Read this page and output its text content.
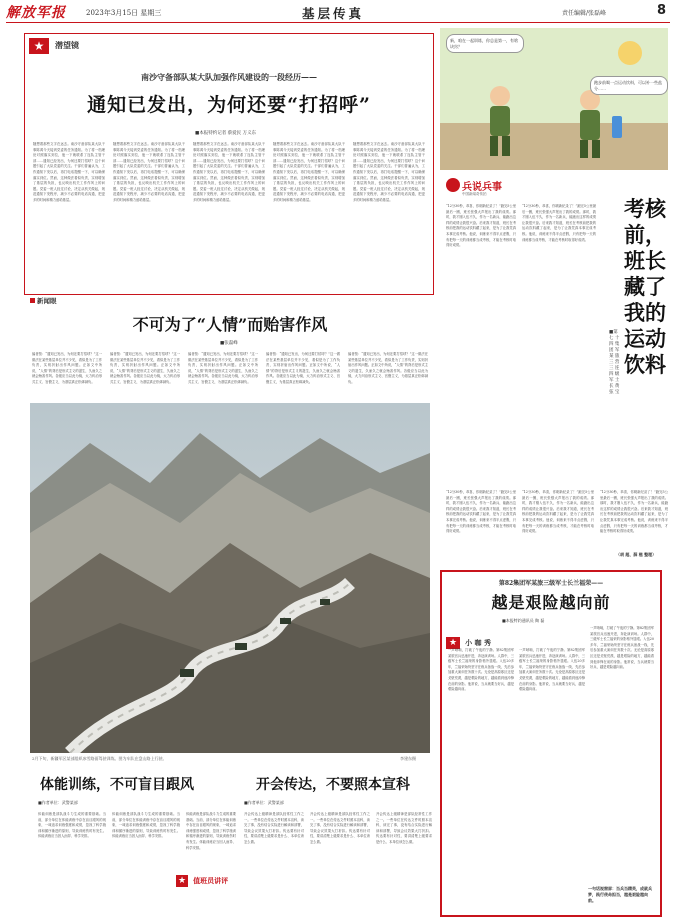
解放军报	2023年3月15日 星期三	基层传真	责任编辑/张磊峰	8
★	潜望镜
南沙守备部队某大队加强作风建设的一段经历——
通知已发出，为何还要“打招呼”
■本报特约记者 蔡爱民 万义东
随想着那些文字在远去。南沙守备部队某大队干事陈鸿今天接到党委的任务通知。为了将一档理论对照落实到位，他一下就联系了连队主管干部……通知已经发出，为何还要打招呼？这个问题引起了大队党委的关注。干部们普遍认为，工作通知下发以后，再打电话提醒一下，可以确保落实到位。然而，这种做法看似负责，实则增加了基层的负担，也反映出机关工作作风上的问题。党委一班人经过讨论，决定从机关做起，规范通知下发程序，减少不必要的电话沟通，把更多的时间和精力留给基层。
随想着那些文字在远去。南沙守备部队某大队干事陈鸿今天接到党委的任务通知。为了将一档理论对照落实到位，他一下就联系了连队主管干部……通知已经发出，为何还要打招呼？这个问题引起了大队党委的关注。干部们普遍认为，工作通知下发以后，再打电话提醒一下，可以确保落实到位。然而，这种做法看似负责，实则增加了基层的负担，也反映出机关工作作风上的问题。党委一班人经过讨论，决定从机关做起，规范通知下发程序，减少不必要的电话沟通，把更多的时间和精力留给基层。
随想着那些文字在远去。南沙守备部队某大队干事陈鸿今天接到党委的任务通知。为了将一档理论对照落实到位，他一下就联系了连队主管干部……通知已经发出，为何还要打招呼？这个问题引起了大队党委的关注。干部们普遍认为，工作通知下发以后，再打电话提醒一下，可以确保落实到位。然而，这种做法看似负责，实则增加了基层的负担，也反映出机关工作作风上的问题。党委一班人经过讨论，决定从机关做起，规范通知下发程序，减少不必要的电话沟通，把更多的时间和精力留给基层。
随想着那些文字在远去。南沙守备部队某大队干事陈鸿今天接到党委的任务通知。为了将一档理论对照落实到位，他一下就联系了连队主管干部……通知已经发出，为何还要打招呼？这个问题引起了大队党委的关注。干部们普遍认为，工作通知下发以后，再打电话提醒一下，可以确保落实到位。然而，这种做法看似负责，实则增加了基层的负担，也反映出机关工作作风上的问题。党委一班人经过讨论，决定从机关做起，规范通知下发程序，减少不必要的电话沟通，把更多的时间和精力留给基层。
随想着那些文字在远去。南沙守备部队某大队干事陈鸿今天接到党委的任务通知。为了将一档理论对照落实到位，他一下就联系了连队主管干部……通知已经发出，为何还要打招呼？这个问题引起了大队党委的关注。干部们普遍认为，工作通知下发以后，再打电话提醒一下，可以确保落实到位。然而，这种做法看似负责，实则增加了基层的负担，也反映出机关工作作风上的问题。党委一班人经过讨论，决定从机关做起，规范通知下发程序，减少不必要的电话沟通，把更多的时间和精力留给基层。
新闻眼
不可为了“人情”而贻害作风
■张磊峰
编者按：“通知已发出，为何还要打招呼？”这一做法在某些基层单位并不少见，看似是为了工作负责，实则折射出作风问题。正如文中所说，“人情”的背后是形式主义的滋生，久而久之就会贻害作风。各级应当以此为镜，大力纠治形式主义、官僚主义，为基层真正松绑减负。
编者按：“通知已发出，为何还要打招呼？”这一做法在某些基层单位并不少见，看似是为了工作负责，实则折射出作风问题。正如文中所说，“人情”的背后是形式主义的滋生，久而久之就会贻害作风。各级应当以此为镜，大力纠治形式主义、官僚主义，为基层真正松绑减负。
编者按：“通知已发出，为何还要打招呼？”这一做法在某些基层单位并不少见，看似是为了工作负责，实则折射出作风问题。正如文中所说，“人情”的背后是形式主义的滋生，久而久之就会贻害作风。各级应当以此为镜，大力纠治形式主义、官僚主义，为基层真正松绑减负。
编者按：“通知已发出，为何还要打招呼？”这一做法在某些基层单位并不少见，看似是为了工作负责，实则折射出作风问题。正如文中所说，“人情”的背后是形式主义的滋生，久而久之就会贻害作风。各级应当以此为镜，大力纠治形式主义、官僚主义，为基层真正松绑减负。
编者按：“通知已发出，为何还要打招呼？”这一做法在某些基层单位并不少见，看似是为了工作负责，实则折射出作风问题。正如文中所说，“人情”的背后是形式主义的滋生，久而久之就会贻害作风。各级应当以此为镜，大力纠治形式主义、官僚主义，为基层真正松绑减负。
2月下旬，新疆军区某部组织冰雪路面驾驶训练。图为车队在盘山路上行驶。	李建东摄
体能训练，不可盲目跟风
■作者单位：武警某部
体能训练是部队战斗力生成的重要基础。当前，部分单位在体能训练中存在盲目跟风的现象，一味追求训练强度和成绩，忽视了科学施训和循序渐进的原则，导致训练伤时有发生。体能训练应当因人而异、科学安排。
体能训练是部队战斗力生成的重要基础。当前，部分单位在体能训练中存在盲目跟风的现象，一味追求训练强度和成绩，忽视了科学施训和循序渐进的原则，导致训练伤时有发生。体能训练应当因人而异、科学安排。
体能训练是部队战斗力生成的重要基础。当前，部分单位在体能训练中存在盲目跟风的现象，一味追求训练强度和成绩，忽视了科学施训和循序渐进的原则，导致训练伤时有发生。体能训练应当因人而异、科学安排。
开会传达，不要照本宣科
■作者单位：武警某部
开会传达上级精神是部队经常性工作之一。一些单位在传达文件时照本宣科，读完了事，没有结合实际进行解读和部署，导致会议效果大打折扣。传达要有针对性，要讲清楚上级要求是什么、本单位该怎么做。
开会传达上级精神是部队经常性工作之一。一些单位在传达文件时照本宣科，读完了事，没有结合实际进行解读和部署，导致会议效果大打折扣。传达要有针对性，要讲清楚上级要求是什么、本单位该怎么做。
开会传达上级精神是部队经常性工作之一。一些单位在传达文件时照本宣科，读完了事，没有结合实际进行解读和部署，导致会议效果大打折扣。传达要有针对性，要讲清楚上级要求是什么、本单位该怎么做。
★ 值班员讲评
新，咱在一起训练，你总是第一，有啥诀窍？
跑步前喝一点运动饮料，可以补一些盐分……
兵说兵事
中国新闻奇传拍
考核前，班长藏了我的运动饮料
■第 七 十 四 集 团 军 某 旅 三 营 三 连 四 级 军 士 长 黄 弦 宝
“12分30秒，恭喜，你刷新纪录了！”跑完5公里最后一圈，班长张强大声报出了我的成绩。那时，我才刚入伍不久，作为一名新兵，能跑出这样的成绩让我很兴奋。后来我才知道，班长在考核前把我的运动饮料藏了起来，是为了让我凭真本事完成考核。他说，训练来不得半点虚假，只有把每一天的训练都当成考核，才能在考核时取得好成绩。
“12分30秒，恭喜，你刷新纪录了！”跑完5公里最后一圈，班长张强大声报出了我的成绩。那时，我才刚入伍不久，作为一名新兵，能跑出这样的成绩让我很兴奋。后来我才知道，班长在考核前把我的运动饮料藏了起来，是为了让我凭真本事完成考核。他说，训练来不得半点虚假，只有把每一天的训练都当成考核，才能在考核时取得好成绩。
“12分30秒，恭喜，你刷新纪录了！”跑完5公里最后一圈，班长张强大声报出了我的成绩。那时，我才刚入伍不久，作为一名新兵，能跑出这样的成绩让我很兴奋。后来我才知道，班长在考核前把我的运动饮料藏了起来，是为了让我凭真本事完成考核。他说，训练来不得半点虚假，只有把每一天的训练都当成考核，才能在考核时取得好成绩。
“12分30秒，恭喜，你刷新纪录了！”跑完5公里最后一圈，班长张强大声报出了我的成绩。那时，我才刚入伍不久，作为一名新兵，能跑出这样的成绩让我很兴奋。后来我才知道，班长在考核前把我的运动饮料藏了起来，是为了让我凭真本事完成考核。他说，训练来不得半点虚假，只有把每一天的训练都当成考核，才能在考核时取得好成绩。
“12分30秒，恭喜，你刷新纪录了！”跑完5公里最后一圈，班长张强大声报出了我的成绩。那时，我才刚入伍不久，作为一名新兵，能跑出这样的成绩让我很兴奋。后来我才知道，班长在考核前把我的运动饮料藏了起来，是为了让我凭真本事完成考核。他说，训练来不得半点虚假，只有把每一天的训练都当成考核，才能在考核时取得好成绩。
（胡 超、薛 楷 整理）
第82集团军某旅三级军士长兰福荣——
越是艰险越向前
■本报特约通讯员 陶 磊
★ 小 咖 秀
一声哨响，打破了午夜的宁静。第82集团军某旅官兵迅速开进，奔赴演训场。人群中，三级军士长兰福荣的身影格外显眼。入伍20多年，兰福荣始终坚守在练兵备战一线，先后参加重大演训任务数十次。无论是高原寒区还是戈壁荒漠，越是艰险的地方，越能看到他冲锋在前的身影。他常说，当兵就要当好兵，越是艰险越向前。
一声哨响，打破了午夜的宁静。第82集团军某旅官兵迅速开进，奔赴演训场。人群中，三级军士长兰福荣的身影格外显眼。入伍20多年，兰福荣始终坚守在练兵备战一线，先后参加重大演训任务数十次。无论是高原寒区还是戈壁荒漠，越是艰险的地方，越能看到他冲锋在前的身影。他常说，当兵就要当好兵，越是艰险越向前。
一声哨响，打破了午夜的宁静。第82集团军某旅官兵迅速开进，奔赴演训场。人群中，三级军士长兰福荣的身影格外显眼。入伍20多年，兰福荣始终坚守在练兵备战一线，先后参加重大演训任务数十次。无论是高原寒区还是戈壁荒漠，越是艰险的地方，越能看到他冲锋在前的身影。他常说，当兵就要当好兵，越是艰险越向前。
一句话视窗屏：当兵当精英，成就兵梦，践行使命担当，越是艰险越向前。
